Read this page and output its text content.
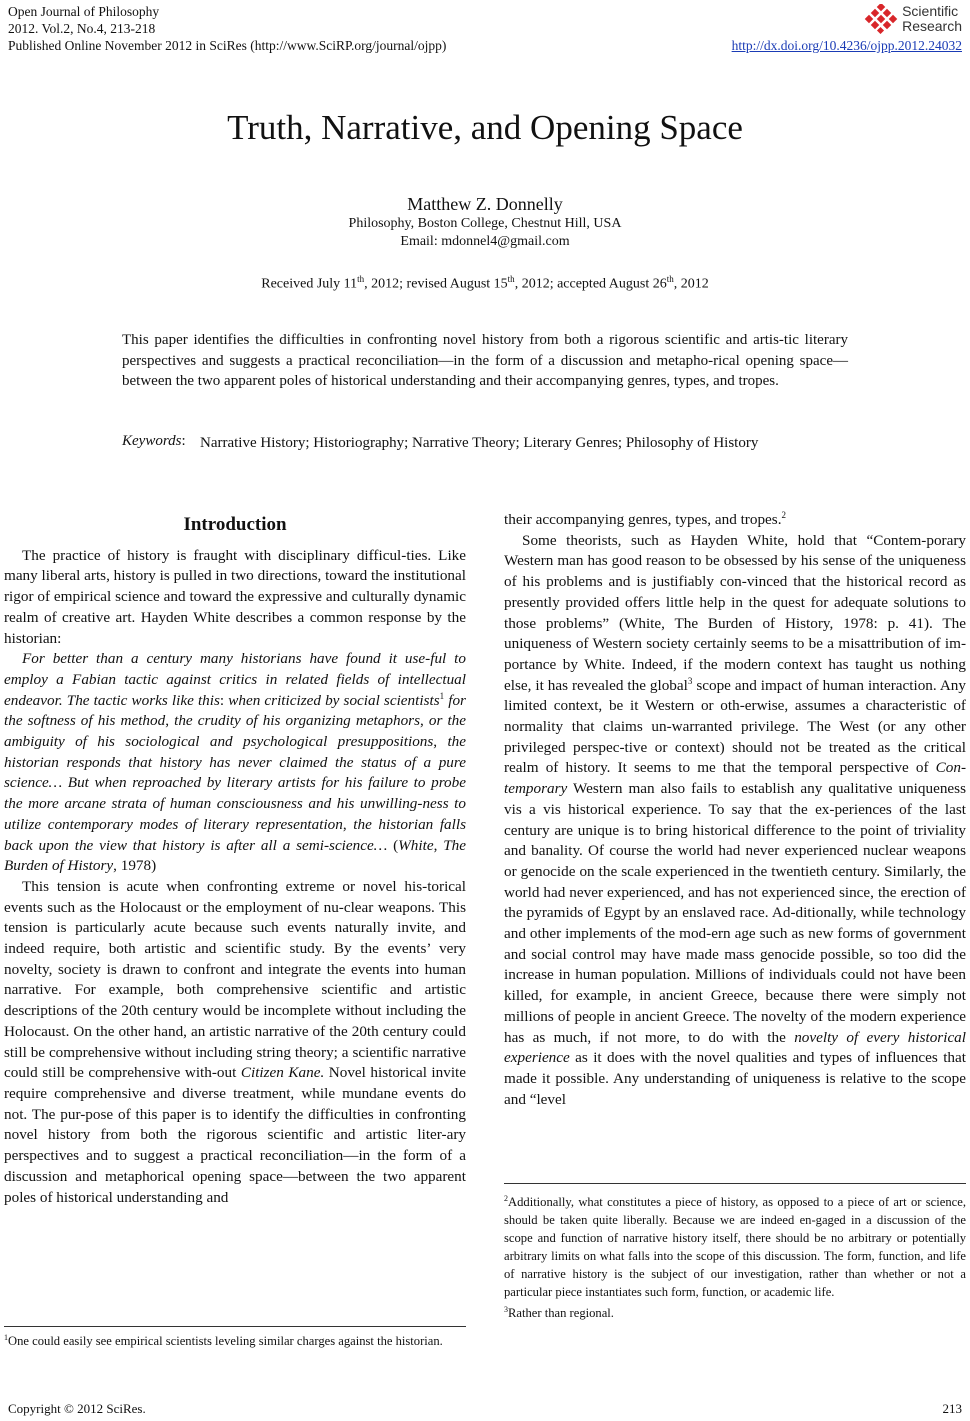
Open Journal of Philosophy
2012. Vol.2, No.4, 213-218
Published Online November 2012 in SciRes (http://www.SciRP.org/journal/ojpp)	http://dx.doi.org/10.4236/ojpp.2012.24032
Scientific
Research
Truth, Narrative, and Opening Space
Matthew Z. Donnelly
Philosophy, Boston College, Chestnut Hill, USA
Email: mdonnel4@gmail.com
Received July 11th, 2012; revised August 15th, 2012; accepted August 26th, 2012
This paper identifies the difficulties in confronting novel history from both a rigorous scientific and artis-tic literary perspectives and suggests a practical reconciliation—in the form of a discussion and metapho-rical opening space—between the two apparent poles of historical understanding and their accompanying genres, types, and tropes.
Keywords: Narrative History; Historiography; Narrative Theory; Literary Genres; Philosophy of History
Introduction

The practice of history is fraught with disciplinary difficul-ties. Like many liberal arts, history is pulled in two directions, toward the institutional rigor of empirical science and toward the expressive and culturally dynamic realm of creative art. Hayden White describes a common response by the historian:

For better than a century many historians have found it use-ful to employ a Fabian tactic against critics in related fields of intellectual endeavor. The tactic works like this: when criticized by social scientists$^1$ for the softness of his method, the crudity of his organizing metaphors, or the ambiguity of his sociological and psychological presuppositions, the historian responds that history has never claimed the status of a pure science… But when reproached by literary artists for his failure to probe the more arcane strata of human consciousness and his unwilling-ness to utilize contemporary modes of literary representation, the historian falls back upon the view that history is after all a semi-science… (White, The Burden of History, 1978)

This tension is acute when confronting extreme or novel his-torical events such as the Holocaust or the employment of nu-clear weapons. This tension is particularly acute because such events naturally invite, and indeed require, both artistic and scientific study. By the events’ very novelty, society is drawn to confront and integrate the events into human narrative. For example, both comprehensive scientific and artistic descriptions of the 20th century would be incomplete without including the Holocaust. On the other hand, an artistic narrative of the 20th century could still be comprehensive without including string theory; a scientific narrative could still be comprehensive with-out Citizen Kane. Novel historical invite require comprehensive and diverse treatment, while mundane events do not. The pur-pose of this paper is to identify the difficulties in confronting novel history from both the rigorous scientific and artistic liter-ary perspectives and to suggest a practical reconciliation—in the form of a discussion and metaphorical opening space—between the two apparent poles of historical understanding and

their accompanying genres, types, and tropes.$^2$

Some theorists, such as Hayden White, hold that “Contem-porary Western man has good reason to be obsessed by his sense of the uniqueness of his problems and is justifiably con-vinced that the historical record as presently provided offers little help in the quest for adequate solutions to those problems” (White, The Burden of History, 1978: p. 41). The uniqueness of Western society certainly seems to be a misattribution of im-portance by White. Indeed, if the modern context has taught us nothing else, it has revealed the global$^3$ scope and impact of human interaction. Any limited context, be it Western or oth-erwise, assumes a characteristic of normality that claims un-warranted privilege. The West (or any other privileged perspec-tive or context) should not be treated as the critical realm of history. It seems to me that the temporal perspective of Con-temporary Western man also fails to establish any qualitative uniqueness vis a vis historical experience. To say that the ex-periences of the last century are unique is to bring historical difference to the point of triviality and banality. Of course the world had never experienced nuclear weapons or genocide on the scale experienced in the twentieth century. Similarly, the world had never experienced, and has not experienced since, the erection of the pyramids of Egypt by an enslaved race. Ad-ditionally, while technology and other implements of the mod-ern age such as new forms of government and social control may have made mass genocide possible, so too did the increase in human population. Millions of individuals could not have been killed, for example, in ancient Greece, because there were simply not millions of people in ancient Greece. The novelty of the modern experience has as much, if not more, to do with the novelty of every historical experience as it does with the novel qualities and types of influences that made it possible. Any understanding of uniqueness is relative to the scope and “level

$^1$One could easily see empirical scientists leveling similar charges against the historian.
$^2$Additionally, what constitutes a piece of history, as opposed to a piece of art or science, should be taken quite liberally. Because we are indeed en-gaged in a discussion of the scope and function of narrative history itself, there should be no arbitrary or potentially arbitrary limits on what falls into the scope of this discussion. The form, function, and life of narrative history is the subject of our investigation, rather than whether or not a particular piece instantiates such form, function, or academic life.
$^3$Rather than regional.
Copyright © 2012 SciRes.	213
